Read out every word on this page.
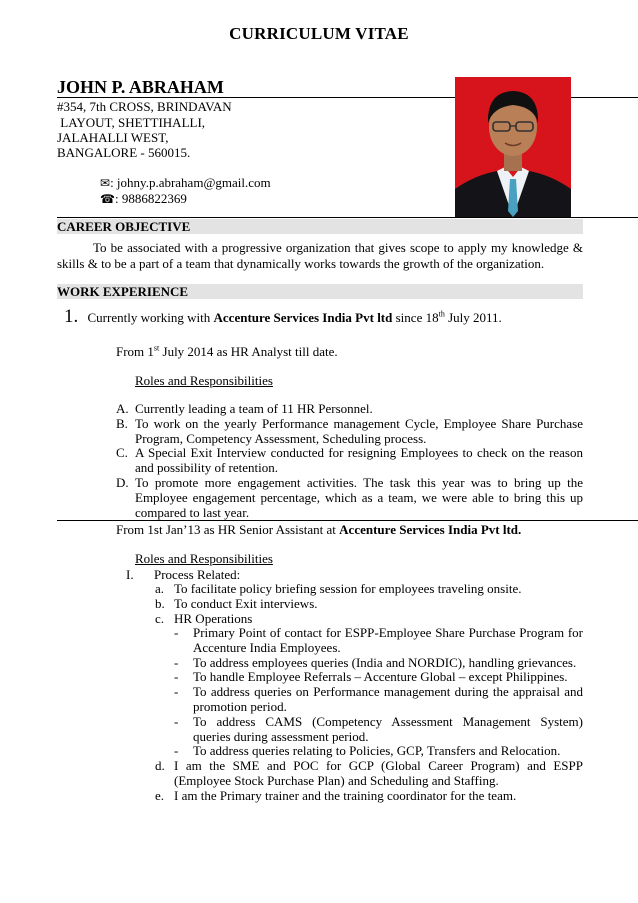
CURRICULUM VITAE
JOHN P. ABRAHAM
#354, 7th CROSS, BRINDAVAN
LAYOUT, SHETTIHALLI,
JALAHALLI WEST,
BANGALORE - 560015.
✉: johny.p.abraham@gmail.com
☎: 9886822369
CAREER OBJECTIVE
To be associated with a progressive organization that gives scope to apply my knowledge & skills & to be a part of a team that dynamically works towards the growth of the organization.
WORK EXPERIENCE
1. Currently working with Accenture Services India Pvt ltd since 18th July 2011.
From 1st July 2014 as HR Analyst till date.
Roles and Responsibilities
A. Currently leading a team of 11 HR Personnel.
B. To work on the yearly Performance management Cycle, Employee Share Purchase Program, Competency Assessment, Scheduling process.
C. A Special Exit Interview conducted for resigning Employees to check on the reason and possibility of retention.
D. To promote more engagement activities. The task this year was to bring up the Employee engagement percentage, which as a team, we were able to bring this up compared to last year.
From 1st Jan’13 as HR Senior Assistant at Accenture Services India Pvt ltd.
Roles and Responsibilities
I. Process Related:
a. To facilitate policy briefing session for employees traveling onsite.
b. To conduct Exit interviews.
c. HR Operations
- Primary Point of contact for ESPP-Employee Share Purchase Program for Accenture India Employees.
- To address employees queries (India and NORDIC), handling grievances.
- To handle Employee Referrals – Accenture Global – except Philippines.
- To address queries on Performance management during the appraisal and promotion period.
- To address CAMS (Competency Assessment Management System) queries during assessment period.
- To address queries relating to Policies, GCP, Transfers and Relocation.
d. I am the SME and POC for GCP (Global Career Program) and ESPP (Employee Stock Purchase Plan) and Scheduling and Staffing.
e. I am the Primary trainer and the training coordinator for the team.
